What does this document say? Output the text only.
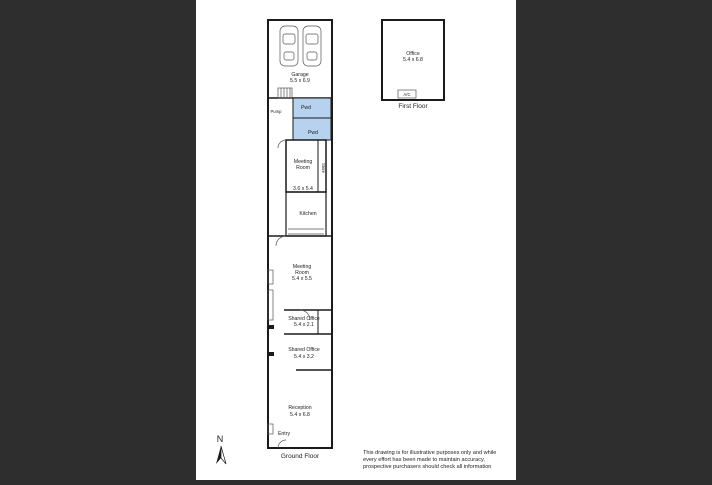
Garage
5.5 x 6.9
Pump
Pwd
Pwd
Meeting
Room
3.6 x 5.4
Store
Kitchen
Meeting
Room
5.4 x 5.5
Shared Office
5.4 x 2.1
Shared Office
5.4 x 3.2
Reception
5.4 x 6.8
Entry
Ground Floor
Office
5.4 x 6.8
A/C
First Floor
N
This drawing is for illustrative purposes only and while
every effort has been made to maintain accuracy,
prospective purchasers should check all information
